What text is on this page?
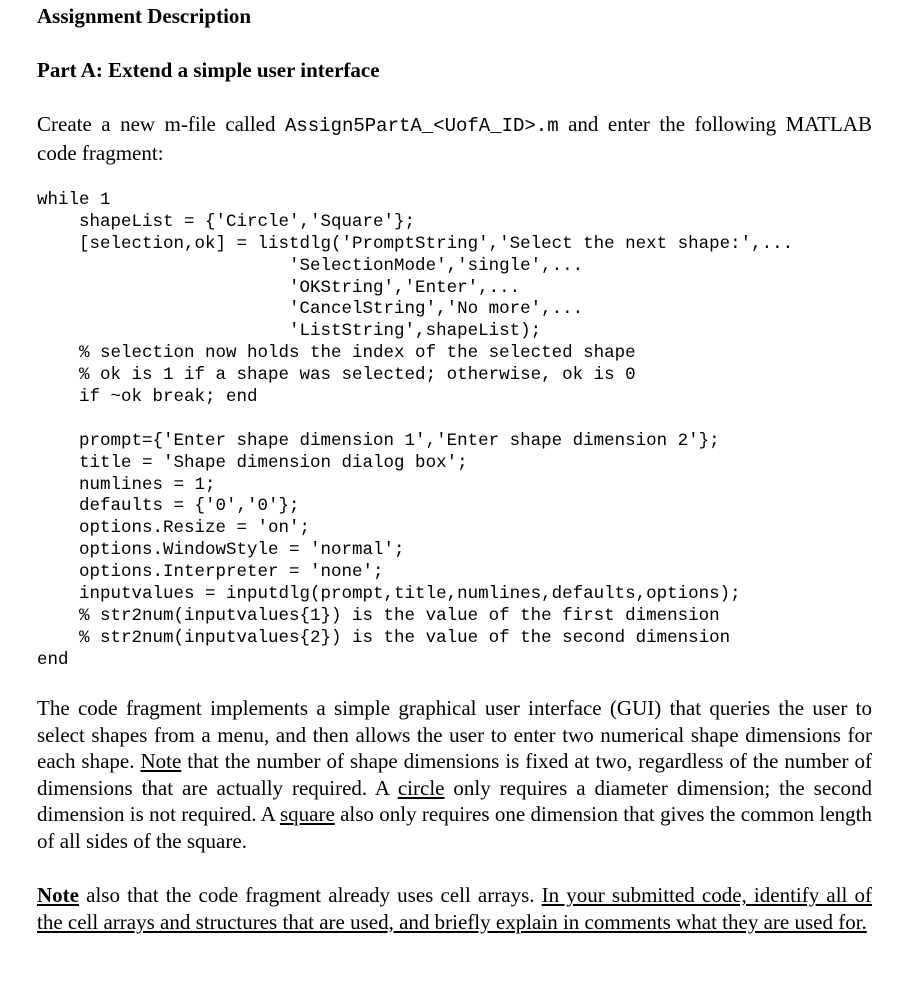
Assignment Description
Part A: Extend a simple user interface
Create a new m-file called Assign5PartA_<UofA_ID>.m and enter the following MATLAB code fragment:
while 1
shapeList = {'Circle','Square'};
[selection,ok] = listdlg('PromptString','Select the next shape:',...
'SelectionMode','single',...
'OKString','Enter',...
'CancelString','No more',...
'ListString',shapeList);
% selection now holds the index of the selected shape
% ok is 1 if a shape was selected; otherwise, ok is 0
if ~ok break; end
prompt={'Enter shape dimension 1','Enter shape dimension 2'};
title = 'Shape dimension dialog box';
numlines = 1;
defaults = {'0','0'};
options.Resize = 'on';
options.WindowStyle = 'normal';
options.Interpreter = 'none';
inputvalues = inputdlg(prompt,title,numlines,defaults,options);
% str2num(inputvalues{1}) is the value of the first dimension
% str2num(inputvalues{2}) is the value of the second dimension
end
The code fragment implements a simple graphical user interface (GUI) that queries the user to select shapes from a menu, and then allows the user to enter two numerical shape dimensions for each shape. Note that the number of shape dimensions is fixed at two, regardless of the number of dimensions that are actually required. A circle only requires a diameter dimension; the second dimension is not required. A square also only requires one dimension that gives the common length of all sides of the square.
Note also that the code fragment already uses cell arrays. In your submitted code, identify all of the cell arrays and structures that are used, and briefly explain in comments what they are used for.
